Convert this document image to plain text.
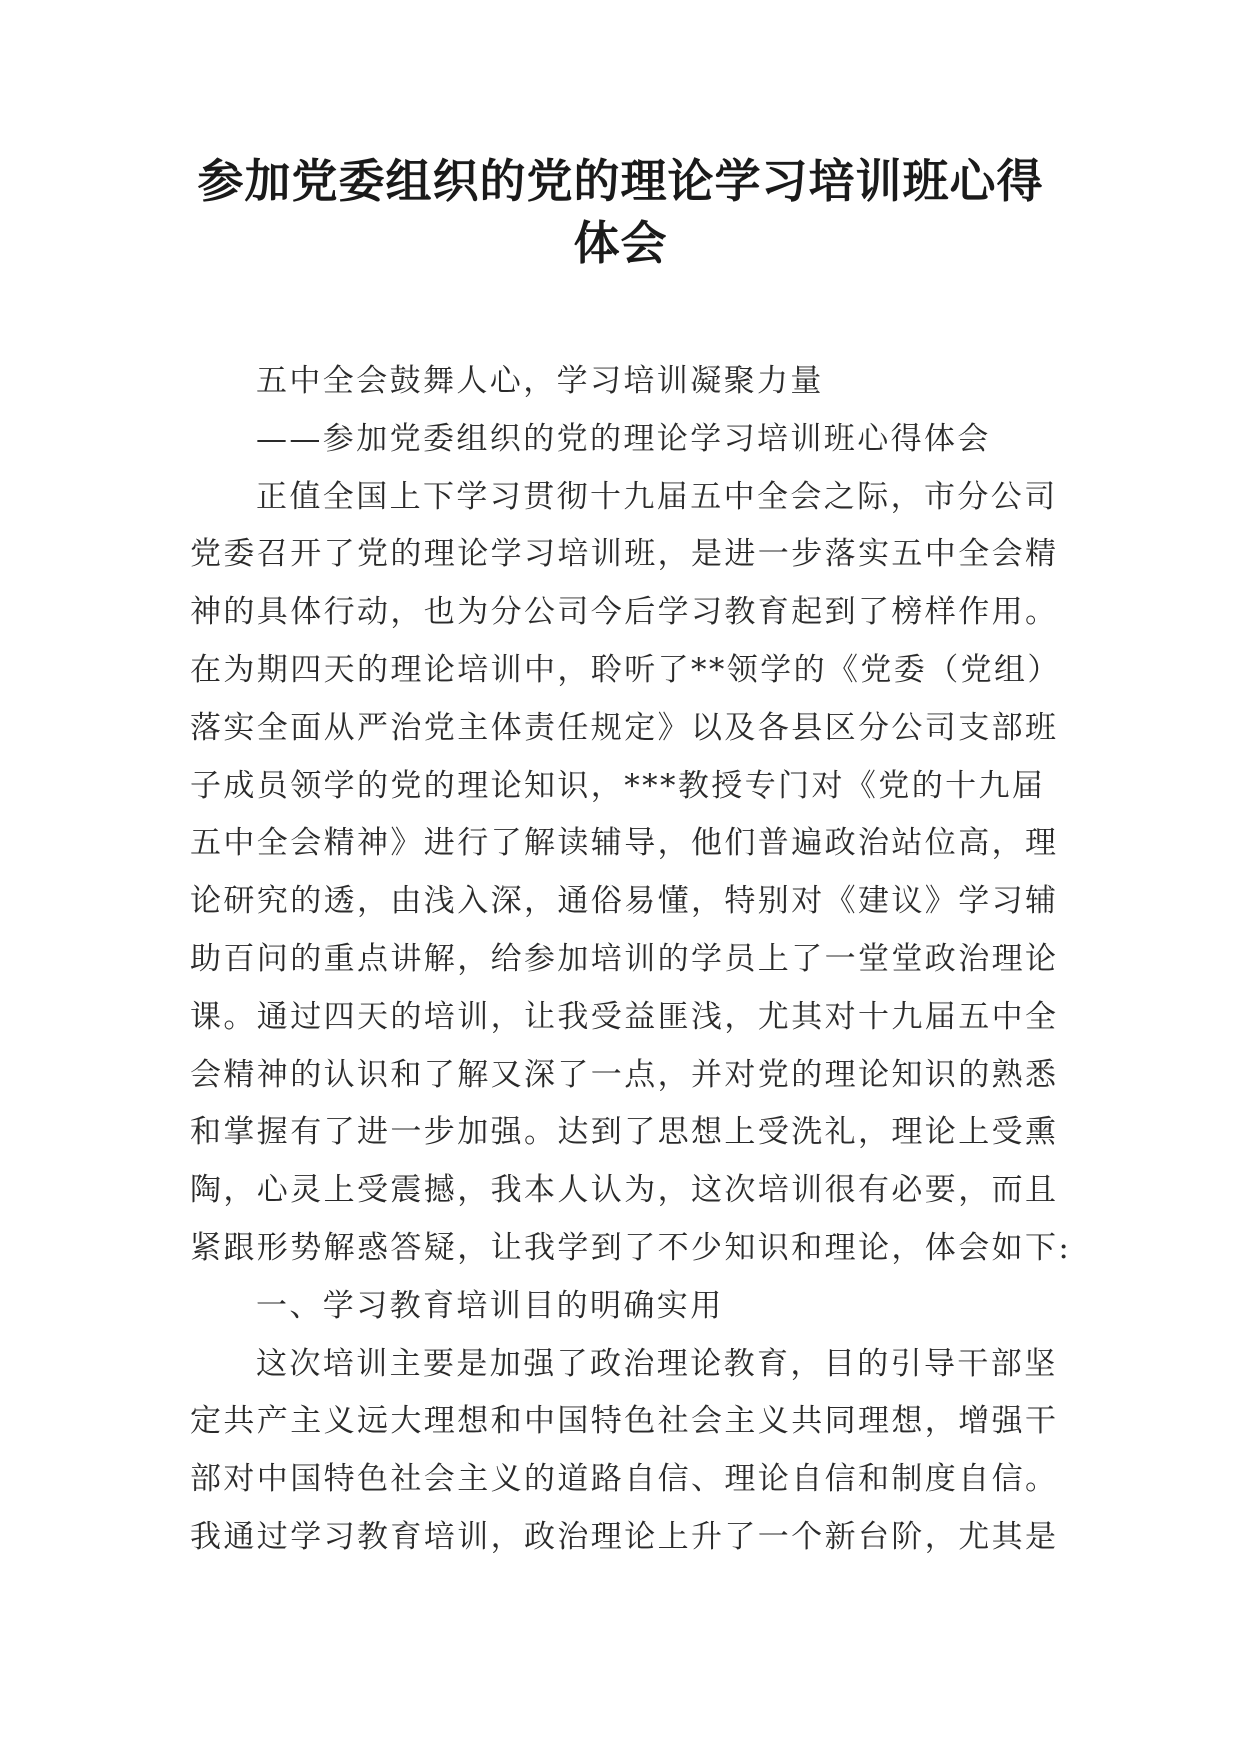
参加党委组织的党的理论学习培训班心得
体会
五中全会鼓舞人心，学习培训凝聚力量
——参加党委组织的党的理论学习培训班心得体会
正值全国上下学习贯彻十九届五中全会之际，市分公司
党委召开了党的理论学习培训班，是进一步落实五中全会精
神的具体行动，也为分公司今后学习教育起到了榜样作用。
在为期四天的理论培训中，聆听了**领学的《党委（党组）
落实全面从严治党主体责任规定》以及各县区分公司支部班
子成员领学的党的理论知识，***教授专门对《党的十九届
五中全会精神》进行了解读辅导，他们普遍政治站位高，理
论研究的透，由浅入深，通俗易懂，特别对《建议》学习辅
助百问的重点讲解，给参加培训的学员上了一堂堂政治理论
课。通过四天的培训，让我受益匪浅，尤其对十九届五中全
会精神的认识和了解又深了一点，并对党的理论知识的熟悉
和掌握有了进一步加强。达到了思想上受洗礼，理论上受熏
陶，心灵上受震撼，我本人认为，这次培训很有必要，而且
紧跟形势解惑答疑，让我学到了不少知识和理论，体会如下:
一、学习教育培训目的明确实用
这次培训主要是加强了政治理论教育，目的引导干部坚
定共产主义远大理想和中国特色社会主义共同理想，增强干
部对中国特色社会主义的道路自信、理论自信和制度自信。
我通过学习教育培训，政治理论上升了一个新台阶，尤其是
